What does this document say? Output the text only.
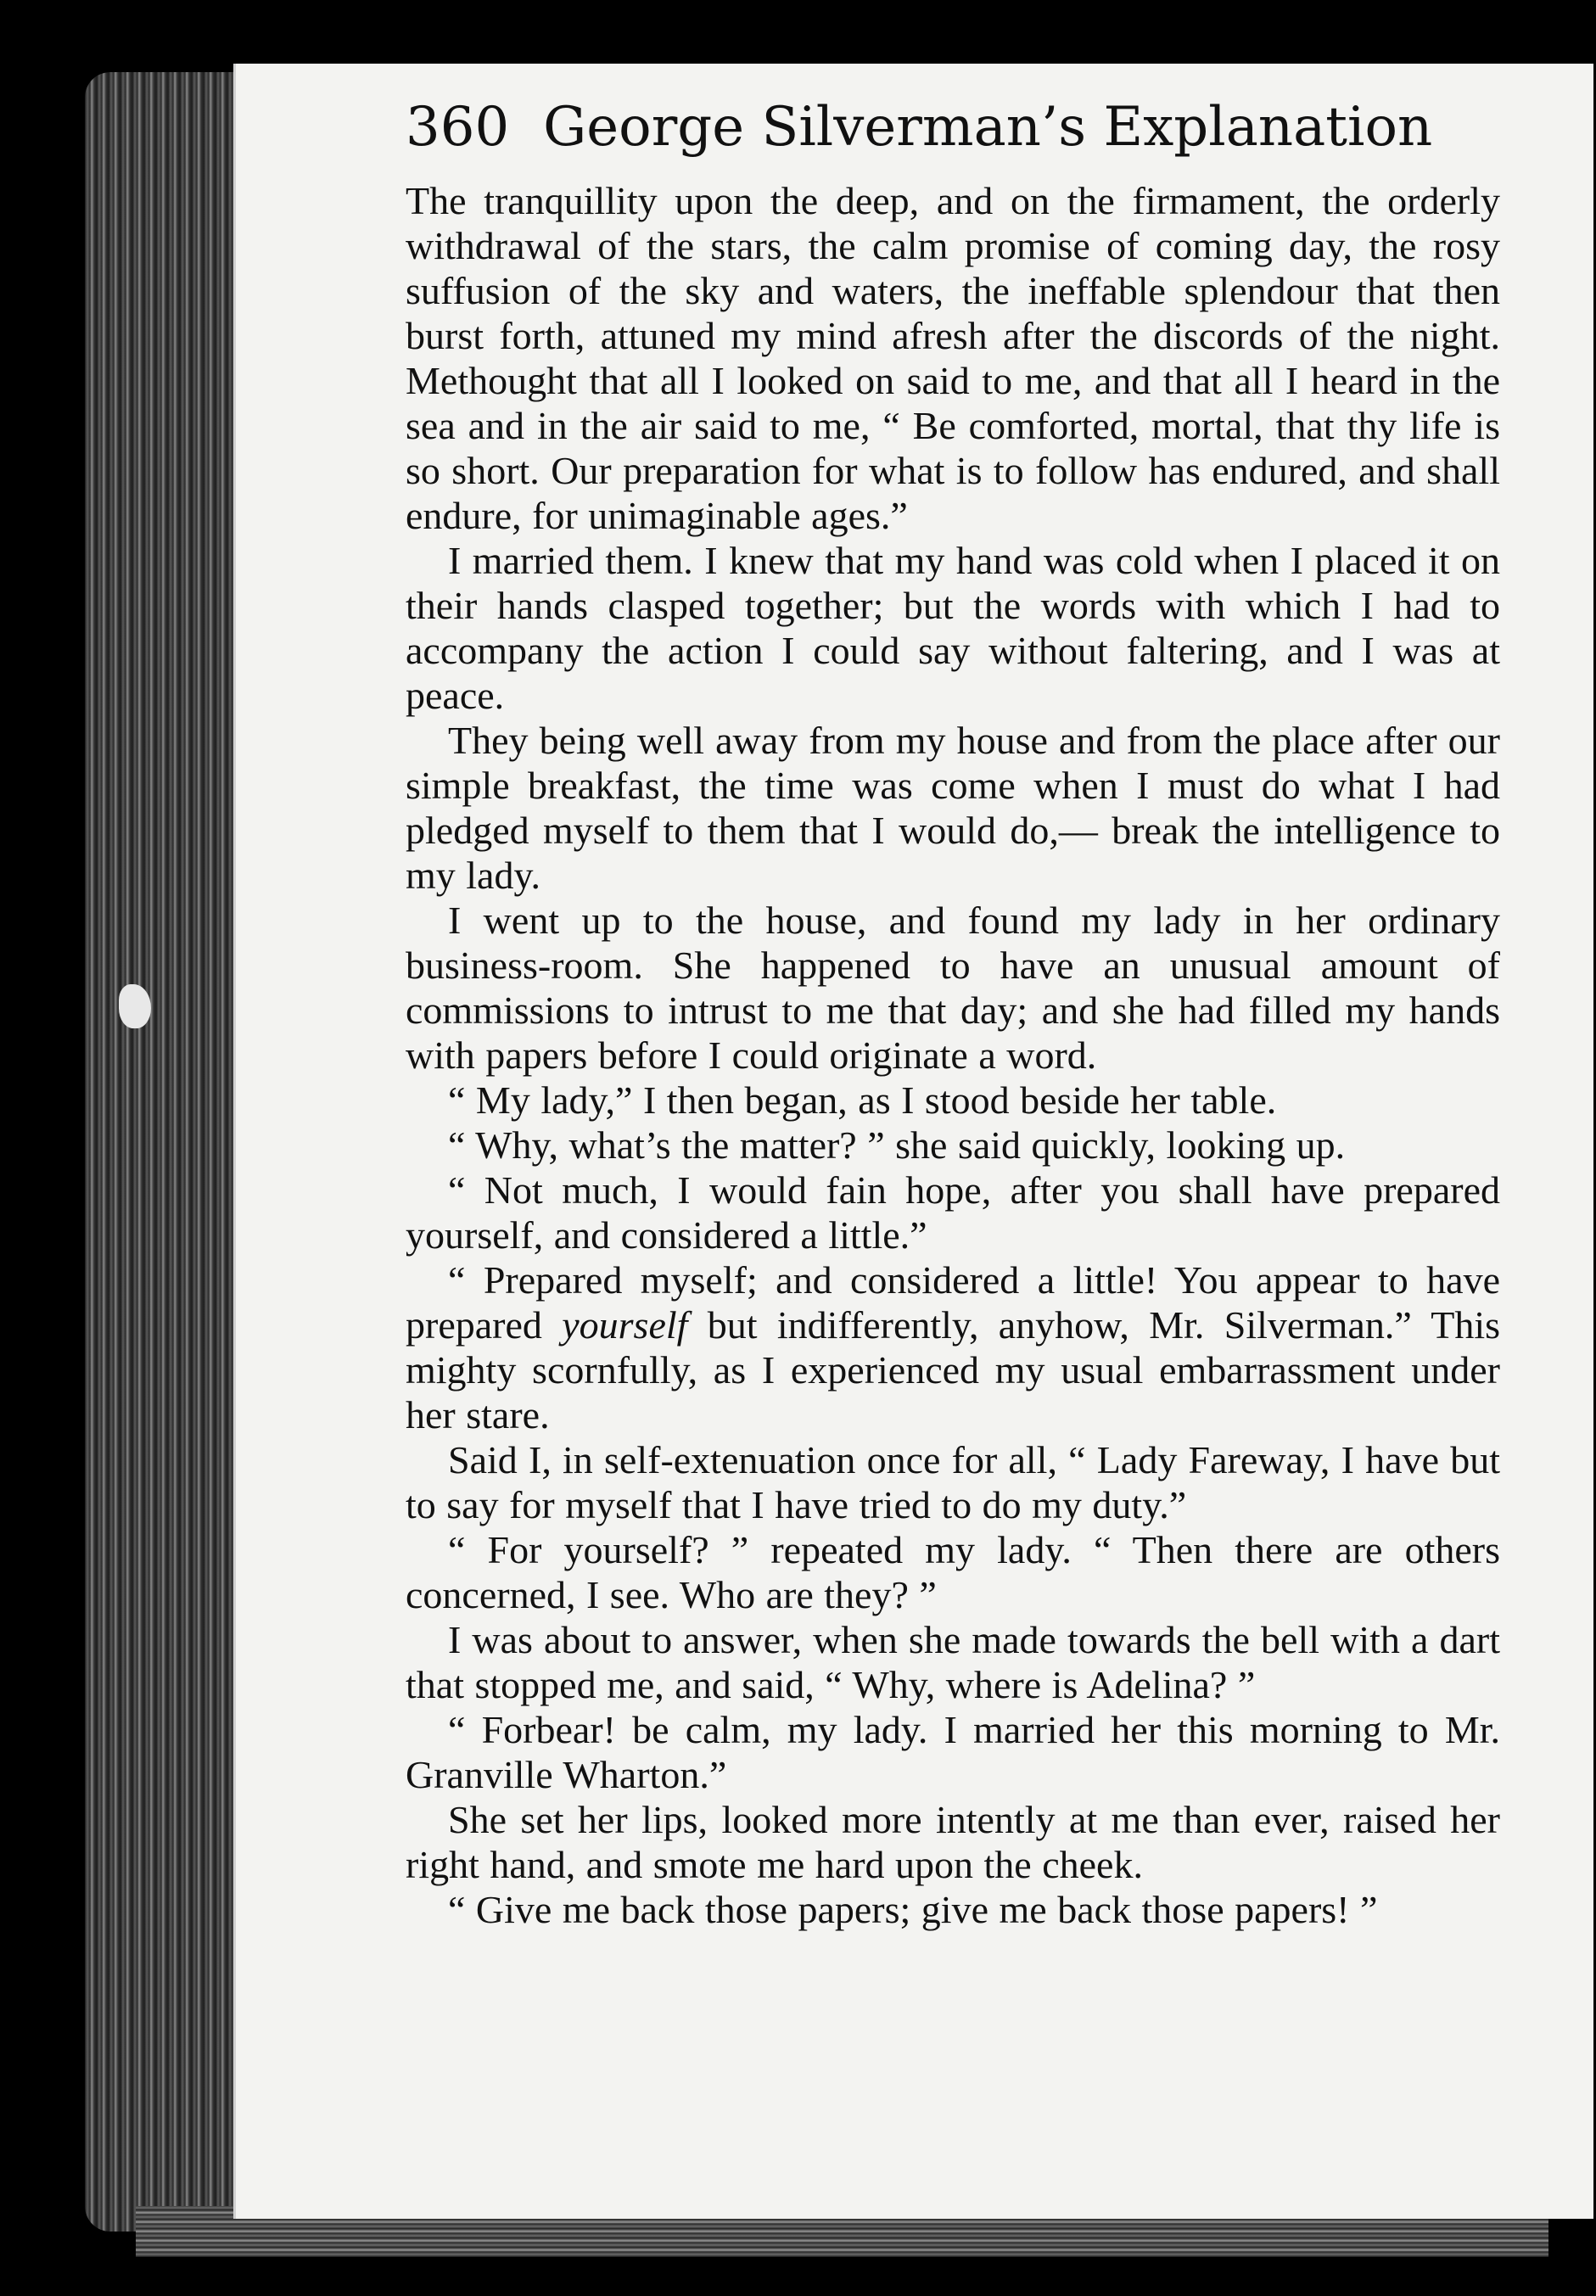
360 George Silverman’s Explanation

The tranquillity upon the deep, and on the firmament, the orderly withdrawal of the stars, the calm promise of coming day, the rosy suffusion of the sky and waters, the ineffable splendour that then burst forth, attuned my mind afresh after the discords of the night. Methought that all I looked on said to me, and that all I heard in the sea and in the air said to me, “ Be comforted, mortal, that thy life is so short. Our preparation for what is to follow has endured, and shall endure, for unimaginable ages.”

I married them. I knew that my hand was cold when I placed it on their hands clasped together; but the words with which I had to accompany the action I could say without faltering, and I was at peace.

They being well away from my house and from the place after our simple breakfast, the time was come when I must do what I had pledged myself to them that I would do,— break the intelligence to my lady.

I went up to the house, and found my lady in her ordinary business-room. She happened to have an unusual amount of commissions to intrust to me that day; and she had filled my hands with papers before I could originate a word.

“ My lady,” I then began, as I stood beside her table.

“ Why, what’s the matter? ” she said quickly, looking up.

“ Not much, I would fain hope, after you shall have prepared yourself, and considered a little.”

“ Prepared myself; and considered a little! You appear to have prepared yourself but indifferently, anyhow, Mr. Silverman.” This mighty scornfully, as I experienced my usual embarrassment under her stare.

Said I, in self-extenuation once for all, “ Lady Fareway, I have but to say for myself that I have tried to do my duty.”

“ For yourself? ” repeated my lady. “ Then there are others concerned, I see. Who are they? ”

I was about to answer, when she made towards the bell with a dart that stopped me, and said, “ Why, where is Adelina? ”

“ Forbear! be calm, my lady. I married her this morning to Mr. Granville Wharton.”

She set her lips, looked more intently at me than ever, raised her right hand, and smote me hard upon the cheek.

“ Give me back those papers; give me back those papers! ”
